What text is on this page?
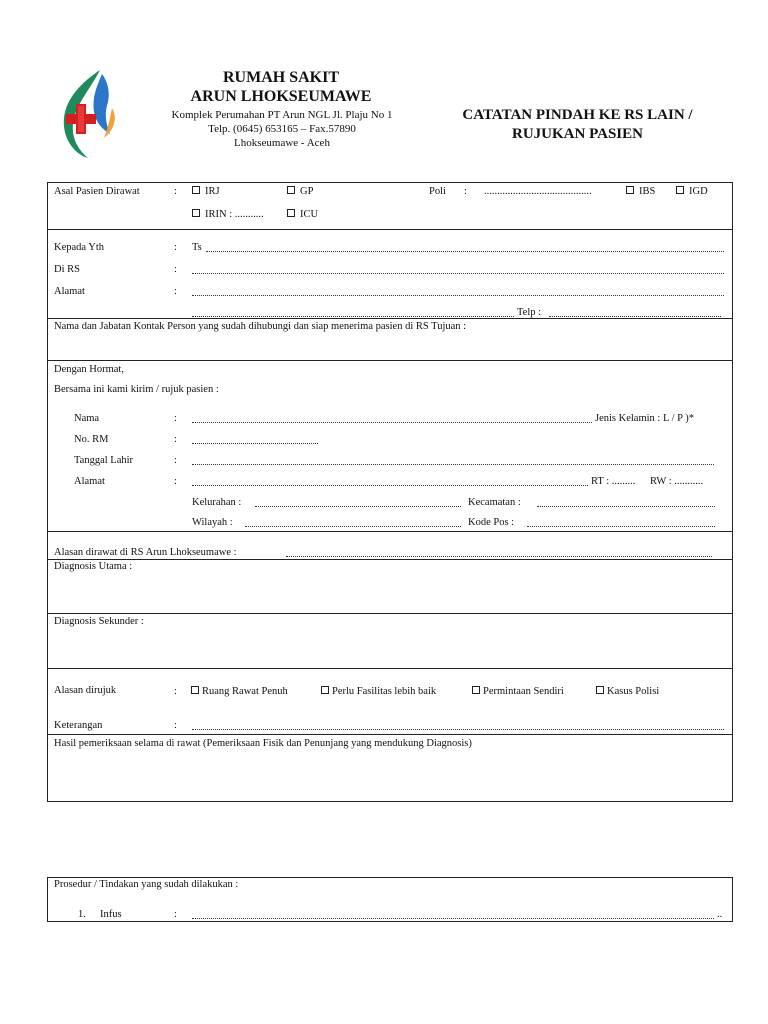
RUMAH SAKIT
ARUN LHOKSEUMAWE
Komplek Perumahan PT Arun NGL Jl. Plaju No 1
Telp. (0645) 653165 – Fax.57890
Lhokseumawe - Aceh
CATATAN PINDAH KE RS LAIN /
RUJUKAN PASIEN
Asal Pasien Dirawat	:	IRJ	GP	Poli : .........................................	IBS	IGD
IRIN : ...........	ICU
Kepada Yth	: Ts
Di RS	:
Alamat	:
Telp :
Nama dan Jabatan Kontak Person yang sudah dihubungi dan siap menerima pasien di RS Tujuan :
Dengan Hormat,
Bersama ini kami kirim / rujuk pasien :
Nama	:	Jenis Kelamin : L / P )*
No. RM	:
Tanggal Lahir	:
Alamat	:	RT : ......... RW : ...........
Kelurahan :	Kecamatan :
Wilayah :	Kode Pos :
Alasan dirawat di RS Arun Lhokseumawe :
Diagnosis Utama :
Diagnosis Sekunder :
Alasan dirujuk	:	Ruang Rawat Penuh	Perlu Fasilitas lebih baik	Permintaan Sendiri	Kasus Polisi
Keterangan	:
Hasil pemeriksaan selama di rawat (Pemeriksaan Fisik dan Penunjang yang mendukung Diagnosis)
Prosedur / Tindakan yang sudah dilakukan :
1. Infus	:	..
